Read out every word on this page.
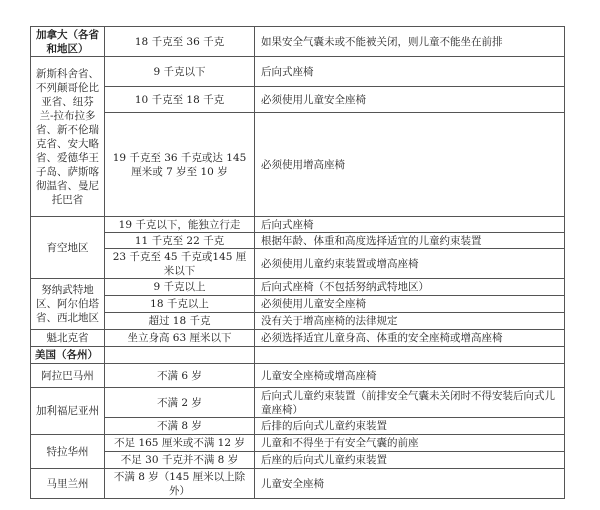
加拿大（各省和地区）	18 千克至 36 千克	如果安全气囊未或不能被关闭，则儿童不能坐在前排
新斯科舍省、不列颠哥伦比亚省、纽芬兰-拉布拉多省、新不伦瑞克省、安大略省、爱德华王子岛、萨斯喀彻温省、曼尼托巴省	9 千克以下	后向式座椅
	10 千克至 18 千克	必须使用儿童安全座椅
	19 千克至 36 千克或达 145 厘米或 7 岁至 10 岁	必须使用增高座椅
育空地区	19 千克以下，能独立行走	后向式座椅
	11 千克至 22 千克	根据年龄、体重和高度选择适宜的儿童约束装置
	23 千克至 45 千克或145 厘米以下	必须使用儿童约束装置或增高座椅
努纳武特地区、阿尔伯塔省、西北地区	9 千克以上	后向式座椅（不包括努纳武特地区）
	18 千克以上	必须使用儿童安全座椅
	超过 18 千克	没有关于增高座椅的法律规定
魁北克省	坐立身高 63 厘米以下	必须选择适宜儿童身高、体重的安全座椅或增高座椅
美国（各州）		
阿拉巴马州	不满 6 岁	儿童安全座椅或增高座椅
加利福尼亚州	不满 2 岁	后向式儿童约束装置（前排安全气囊未关闭时不得安装后向式儿童座椅）
	不满 8 岁	后排的后向式儿童约束装置
特拉华州	不足 165 厘米或不满 12 岁	儿童和不得坐于有安全气囊的前座
	不足 30 千克并不满 8 岁	后座的后向式儿童约束装置
马里兰州	不满 8 岁（145 厘米以上除外）	儿童安全座椅
